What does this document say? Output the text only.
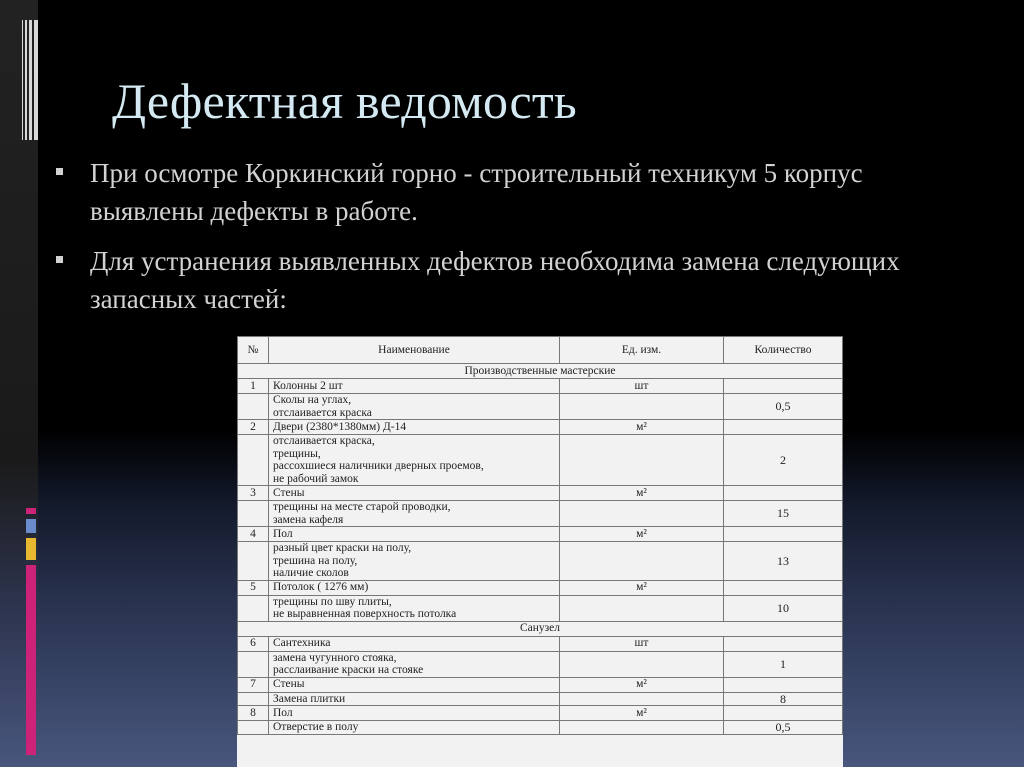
Дефектная ведомость
При осмотре Коркинский горно - строительный техникум 5 корпус выявлены дефекты в работе.
Для устранения выявленных дефектов необходима замена следующих запасных частей:
№	Наименование	Ед. изм.	Количество
Производственные мастерские			
1	Колонны 2 шт	шт	

	Сколы на углах,
отслаивается краска		0,5
2	Двери (2380*1380мм) Д-14	м²	

	отслаивается краска,
трещины,
рассохшиеся наличники дверных проемов,
не рабочий замок		2
3	Стены	м²	

	трещины на месте старой проводки,
замена кафеля		15
4	Пол	м²	

	разный цвет краски на полу,
трешина на полу,
наличие сколов		13
5	Потолок ( 1276 мм)	м²	

	трещины по шву плиты,
не выравненная поверхность потолка		10
Санузел			
6	Сантехника	шт	

	замена чугунного стояка,
расслаивание краски на стояке		1
7	Стены	м²	

	Замена плитки		8
8	Пол	м²	

	Отверстие в полу		0,5
